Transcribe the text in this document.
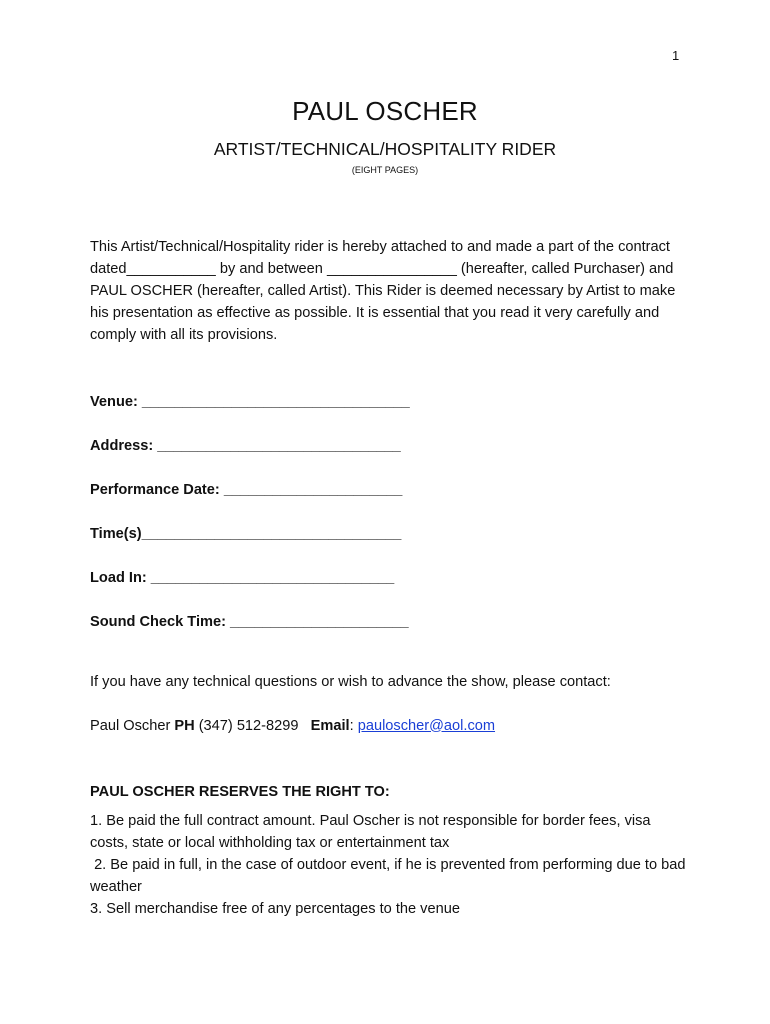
1
PAUL OSCHER
ARTIST/TECHNICAL/HOSPITALITY RIDER
(EIGHT PAGES)

This Artist/Technical/Hospitality rider is hereby attached to and made a part of the contract dated___________ by and between ________________ (hereafter, called Purchaser) and PAUL OSCHER (hereafter, called Artist). This Rider is deemed necessary by Artist to make his presentation as effective as possible. It is essential that you read it very carefully and comply with all its provisions.

Venue: _________________________________

Address: ______________________________

Performance Date: ______________________

Time(s)________________________________

Load In: ______________________________

Sound Check Time: ______________________

If you have any technical questions or wish to advance the show, please contact:

Paul Oscher PH (347) 512-8299   Email: pauloscher@aol.com

PAUL OSCHER RESERVES THE RIGHT TO:

1. Be paid the full contract amount. Paul Oscher is not responsible for border fees, visa costs, state or local withholding tax or entertainment tax

2. Be paid in full, in the case of outdoor event, if he is prevented from performing due to bad weather

3. Sell merchandise free of any percentages to the venue
